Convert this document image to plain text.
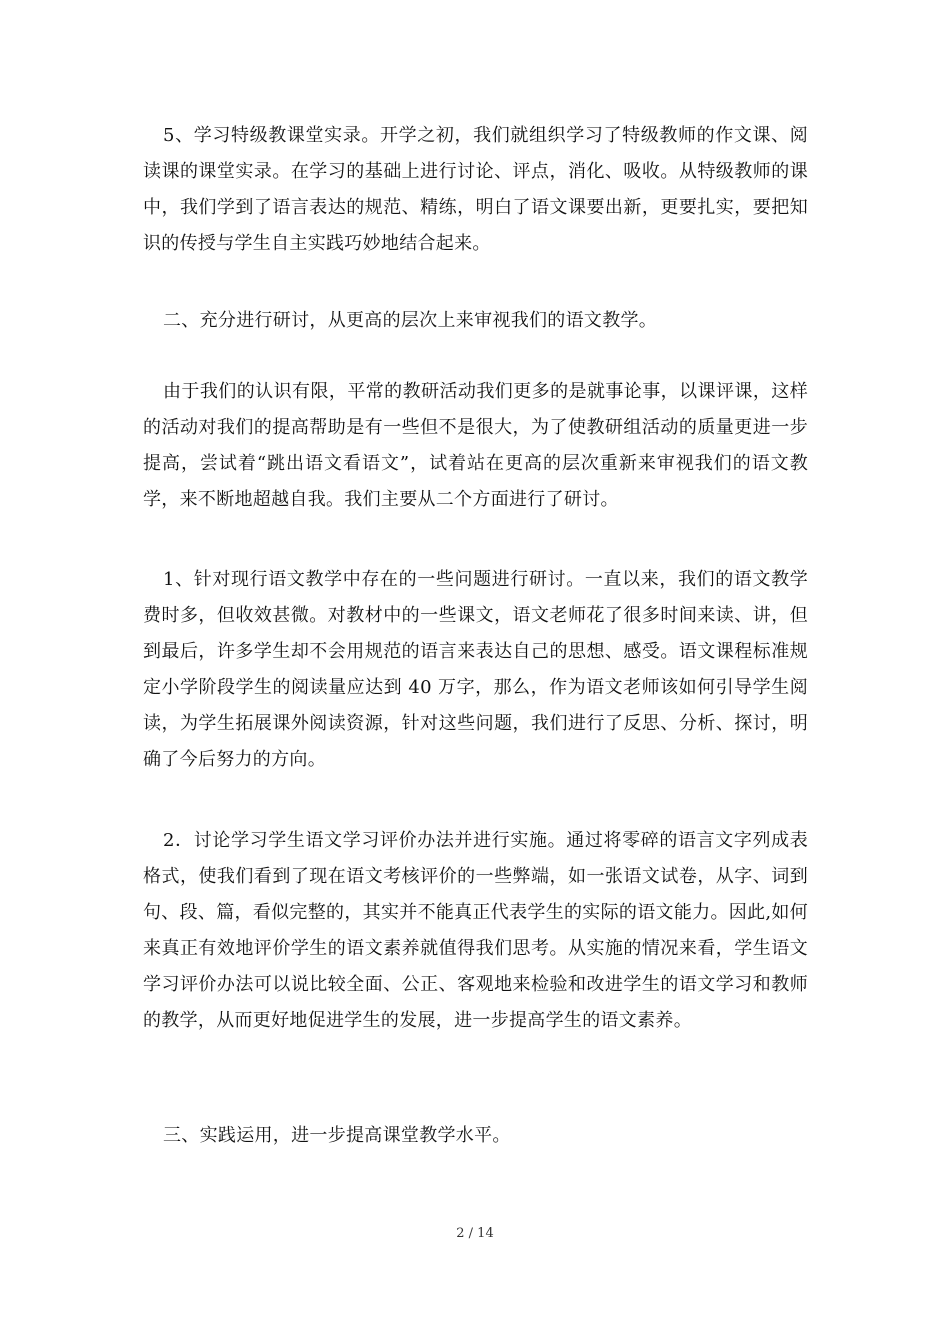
5、学习特级教课堂实录。开学之初，我们就组织学习了特级教师的作文课、阅读课的课堂实录。在学习的基础上进行讨论、评点，消化、吸收。从特级教师的课中，我们学到了语言表达的规范、精练，明白了语文课要出新，更要扎实，要把知识的传授与学生自主实践巧妙地结合起来。

二、充分进行研讨，从更高的层次上来审视我们的语文教学。

由于我们的认识有限，平常的教研活动我们更多的是就事论事，以课评课，这样的活动对我们的提高帮助是有一些但不是很大，为了使教研组活动的质量更进一步提高，尝试着“跳出语文看语文”，试着站在更高的层次重新来审视我们的语文教学，来不断地超越自我。我们主要从二个方面进行了研讨。

1、针对现行语文教学中存在的一些问题进行研讨。一直以来，我们的语文教学费时多，但收效甚微。对教材中的一些课文，语文老师花了很多时间来读、讲，但到最后，许多学生却不会用规范的语言来表达自己的思想、感受。语文课程标准规定小学阶段学生的阅读量应达到 40 万字，那么，作为语文老师该如何引导学生阅读，为学生拓展课外阅读资源，针对这些问题，我们进行了反思、分析、探讨，明确了今后努力的方向。

2．讨论学习学生语文学习评价办法并进行实施。通过将零碎的语言文字列成表格式，使我们看到了现在语文考核评价的一些弊端，如一张语文试卷，从字、词到句、段、篇，看似完整的，其实并不能真正代表学生的实际的语文能力。因此,如何来真正有效地评价学生的语文素养就值得我们思考。从实施的情况来看，学生语文学习评价办法可以说比较全面、公正、客观地来检验和改进学生的语文学习和教师的教学，从而更好地促进学生的发展，进一步提高学生的语文素养。

三、实践运用，进一步提高课堂教学水平。

2 / 14
